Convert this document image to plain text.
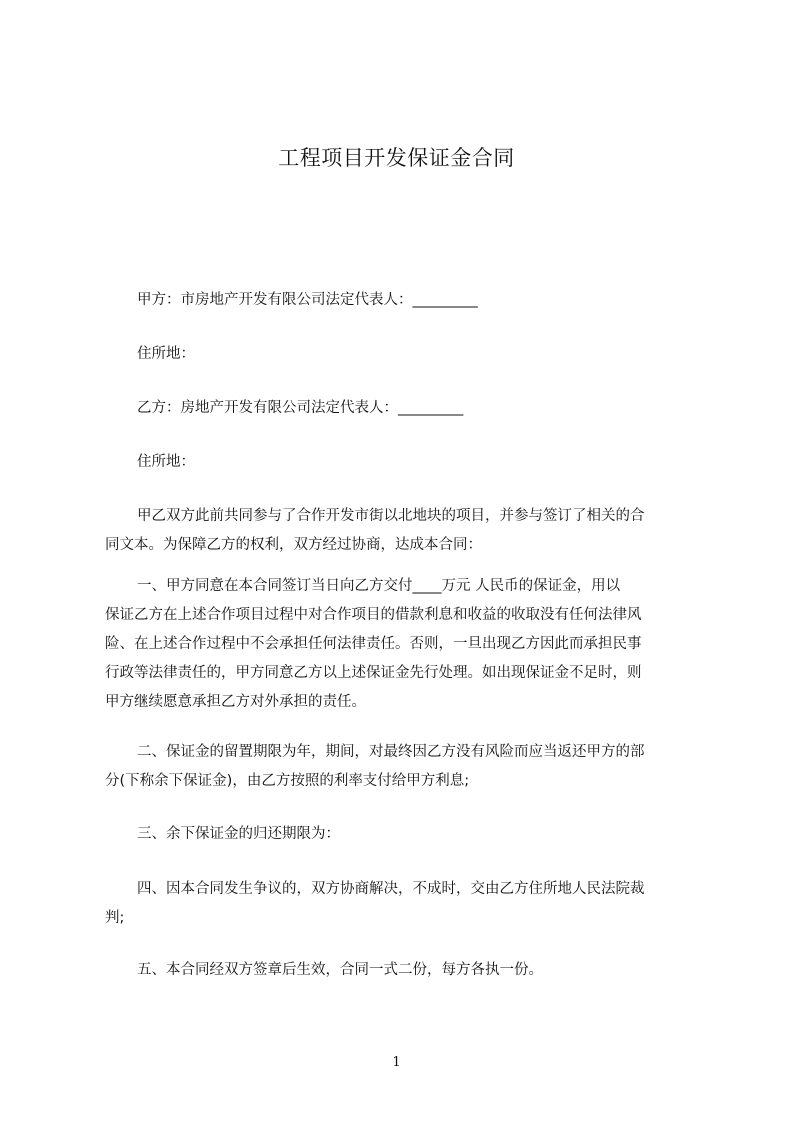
工程项目开发保证金合同
甲方：市房地产开发有限公司法定代表人：_________
住所地：
乙方：房地产开发有限公司法定代表人：_________
住所地：
甲乙双方此前共同参与了合作开发市街以北地块的项目，并参与签订了相关的合
同文本。为保障乙方的权利，双方经过协商，达成本合同：
一、甲方同意在本合同签订当日向乙方交付____万元 人民币的保证金，用以
保证乙方在上述合作项目过程中对合作项目的借款利息和收益的收取没有任何法律风
险、在上述合作过程中不会承担任何法律责任。否则，一旦出现乙方因此而承担民事
行政等法律责任的，甲方同意乙方以上述保证金先行处理。如出现保证金不足时，则
甲方继续愿意承担乙方对外承担的责任。
二、保证金的留置期限为年，期间，对最终因乙方没有风险而应当返还甲方的部
分(下称余下保证金)，由乙方按照的利率支付给甲方利息;
三、余下保证金的归还期限为：
四、因本合同发生争议的，双方协商解决，不成时，交由乙方住所地人民法院裁
判;
五、本合同经双方签章后生效，合同一式二份，每方各执一份。
1
